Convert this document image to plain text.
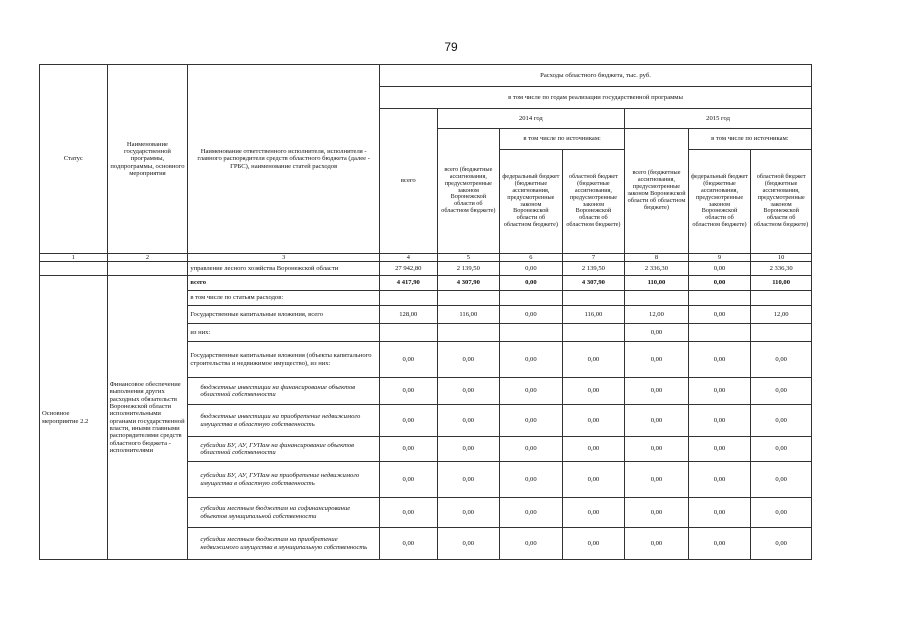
79
Статус	Наименование государственной программы, подпрограммы, основного мероприятия	Наименование ответственного исполнителя, исполнителя - главного распорядителя средств областного бюджета (далее - ГРБС), наименование статей расходов	Расходы областного бюджета, тыс. руб.						
			в том числе по годам реализации государственной программы						
			всего	2014 год			2015 год		
				всего (бюджетные ассигнования, предусмотренные законом Воронежской области об областном бюджете)	в том числе по источникам:		всего (бюджетные ассигнования, предусмотренные законом Воронежской области об областном бюджете)	в том числе по источникам:	
					федеральный бюджет (бюджетные ассигнования, предусмотренные законом Воронежской области об областном бюджете)	областной бюджет (бюджетные ассигнования, предусмотренные законом Воронежской области об областном бюджете)		федеральный бюджет (бюджетные ассигнования, предусмотренные законом Воронежской области об областном бюджете)	областной бюджет (бюджетные ассигнования, предусмотренные законом Воронежской области об областном бюджете)
1	2	3	4	5	6	7	8	9	10
		управление лесного хозяйства Воронежской области	27 942,80	2 139,50	0,00	2 139,50	2 336,30	0,00	2 336,30
Основное мероприятие 2.2	Финансовое обеспечение выполнения других расходных обязательств Воронежской области исполнительными органами государственной власти, иными главными распорядителями средств областного бюджета - исполнителями	всего	4 417,90	4 307,90	0,00	4 307,90	110,00	0,00	110,00
		в том числе по статьям расходов:							
		Государственные капитальные вложения, всего	128,00	116,00	0,00	116,00	12,00	0,00	12,00
		из них:					0,00		
		Государственные капитальные вложения (объекты капитального строительства и недвижимое имущество), из них:	0,00	0,00	0,00	0,00	0,00	0,00	0,00
		бюджетные инвестиции на финансирование объектов областной собственности	0,00	0,00	0,00	0,00	0,00	0,00	0,00
		бюджетные инвестиции на приобретение недвижимого имущества в областную собственность	0,00	0,00	0,00	0,00	0,00	0,00	0,00
		субсидии БУ, АУ, ГУПам на финансирование объектов областной собственности	0,00	0,00	0,00	0,00	0,00	0,00	0,00
		субсидии БУ, АУ, ГУПам на приобретение недвижимого имущества в областную собственность	0,00	0,00	0,00	0,00	0,00	0,00	0,00
		субсидии местным бюджетам на софинансирование объектов муниципальной собственности	0,00	0,00	0,00	0,00	0,00	0,00	0,00
		субсидии местным бюджетам на приобретение недвижимого имущества в муниципальную собственность	0,00	0,00	0,00	0,00	0,00	0,00	0,00
